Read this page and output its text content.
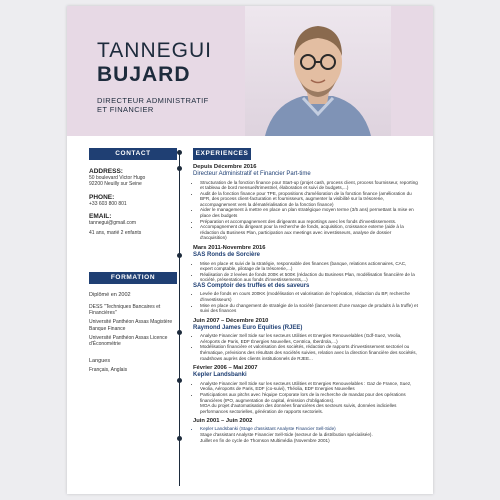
TANNEGUI
BUJARD
DIRECTEUR ADMINISTRATIF
ET FINANCIER
CONTACT
ADDRESS:
50 boulevard Victor Hugo
92200 Neuilly sur Seine
PHONE:
+33 603 800 801
EMAIL:
tannegui@gmail.com
41 ans, marié 2 enfants
FORMATION
Diplômé en 2002
DESS "Techniques Bancaires et Financières"
Université Panthéon Assas Magistère Banque Finance
Université Panthéon Assas Licence d'Économétrie
Langues
Français, Anglais
EXPERIENCES
Depuis Décembre 2016
Directeur Administratif et Financier Part-time
• Structuration de la fonction finance pour Start-up (projet cash, process client, process fournisseur, reporting et tableau de bord mensuel/trimestriel, élaboration et suivi de budgets,...)
• Audit de la fonction finance pour TPE, propositions d'amélioration de la fonction finance (amélioration du BFR, des process client-facturation et fournisseurs, augmenter la visibilité sur la trésorerie, accompagnement vers la dématérialisation de la fonction finance)
• Aider le management à mettre en place un plan stratégique moyen terme (3/5 ans) permettant la mise en place des budgets
• Préparation et accompagnement des dirigeants aux reportings avec les fonds d'investissements.
• Accompagnement du dirigeant pour la recherche de fonds, acquisition, croissance externe (aide à la rédaction du Business Plan, participation aux meetings avec investisseurs, analyse de dossier d'acquisition)
Mars 2011-Novembre 2016
SAS Ronds de Sorcière
• Mise en place et suivi de la stratégie, responsable des finances (banque, relations actionnaires, CAC, expert comptable, pilotage de la trésorerie,...)
• Réalisation de 2 levées de fonds 200K et 500K (rédaction du Business Plan, modélisation financière de la société, présentation aux fonds d'investissements,...)
SAS Comptoir des truffes et des saveurs
• Levée de fonds en cours 200KK (modélisation et valorisation de l'opération, rédaction du BP, recherche d'investisseurs)
• Mise en place du changement de stratégie de la société (lancement d'une marque de produits à la truffe) et suivi des finances
Juin 2007 – Décembre 2010
Raymond James Euro Equities (RJEE)
• Analyste Financier Sell Side sur les secteurs Utilities et Energies Renouvelables (Gdf-Suez, Veolia, Aéroports de Paris, EDF Énergies Nouvelles, Centrica, Iberdrola,...)
• Modélisation financière et valorisation des sociétés, rédaction de rapports d'investissement sectoriel ou thématique, prévisions des résultats des sociétés suivies, relation avec la direction financière des sociétés, roadshows auprès des clients institutionnels de RJEE...
Février 2006 – Mai 2007
Kepler Landsbanki
• Analyste Financier Sell Side sur les secteurs Utilities et Energies Renouvelables : Gaz de France, Suez, Veolia, Aéroports de Paris, EDF (co-suivi), Théolia, EDF Energies Nouvelles
• Participations aux pitchs avec l'équipe Corporate lors de la recherche de mandat pour des opérations financières (IPO, augmentation de capital, émission d'obligations).
MOA du projet d'automatisation des données financières des secteurs suivis, données indicielles performances sectorielles, génération de rapports sectoriels.
Juin 2001 – Juin 2002
• Kepler Landsbanki (Stage d'assistant Analyste Financier Sell-Side)
Stage d'assistant Analyste Financier Sell-Side (secteur de la distribution spécialisée).
Juillet en fin de cycle de Thomson Multimédia (Novembre 2001)
